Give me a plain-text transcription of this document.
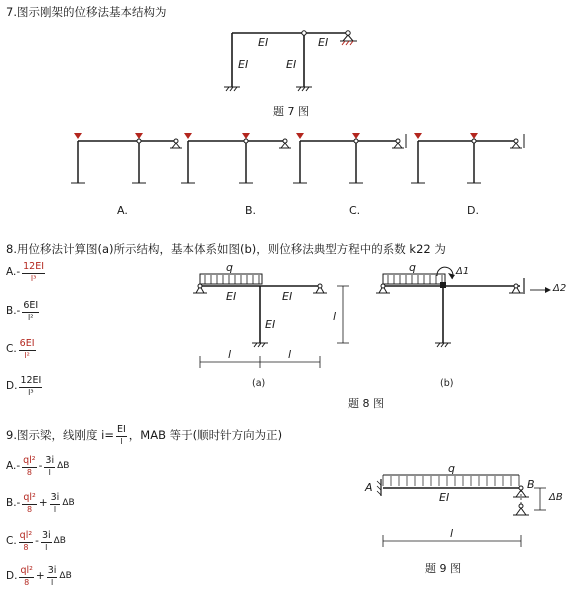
7.图示刚架的位移法基本结构为
EI	EI
EI	EI
题 7 图
A.	B.	C.	D.
8.用位移法计算图(a)所示结构，基本体系如图(b)，则位移法典型方程中的系数 k22 为
A. - $\frac{12EI}{\text{l³}}$
B. - $\frac{6EI}{\text{l²}}$
C. $\frac{6EI}{\text{l²}}$
D. $\frac{12EI}{\text{l³}}$
q
EI	EI
EI
l	l
l
(a)
q	Δ1
Δ2
(b)
题 8 图
9.图示梁，线刚度 $i= \frac{EI}{l}$ ，MAB 等于(顺时针方向为正)
A. - $\frac{\text{ql²}}{8} - \frac{3i}{l}$ ΔB
B. - $\frac{\text{ql²}}{8} + \frac{3i}{l}$ ΔB
C. $\frac{\text{ql²}}{8} - \frac{3i}{l}$ ΔB
D. $\frac{\text{ql²}}{8} + \frac{3i}{l}$ ΔB
q
A	B
EI	ΔB
l
题 9 图
